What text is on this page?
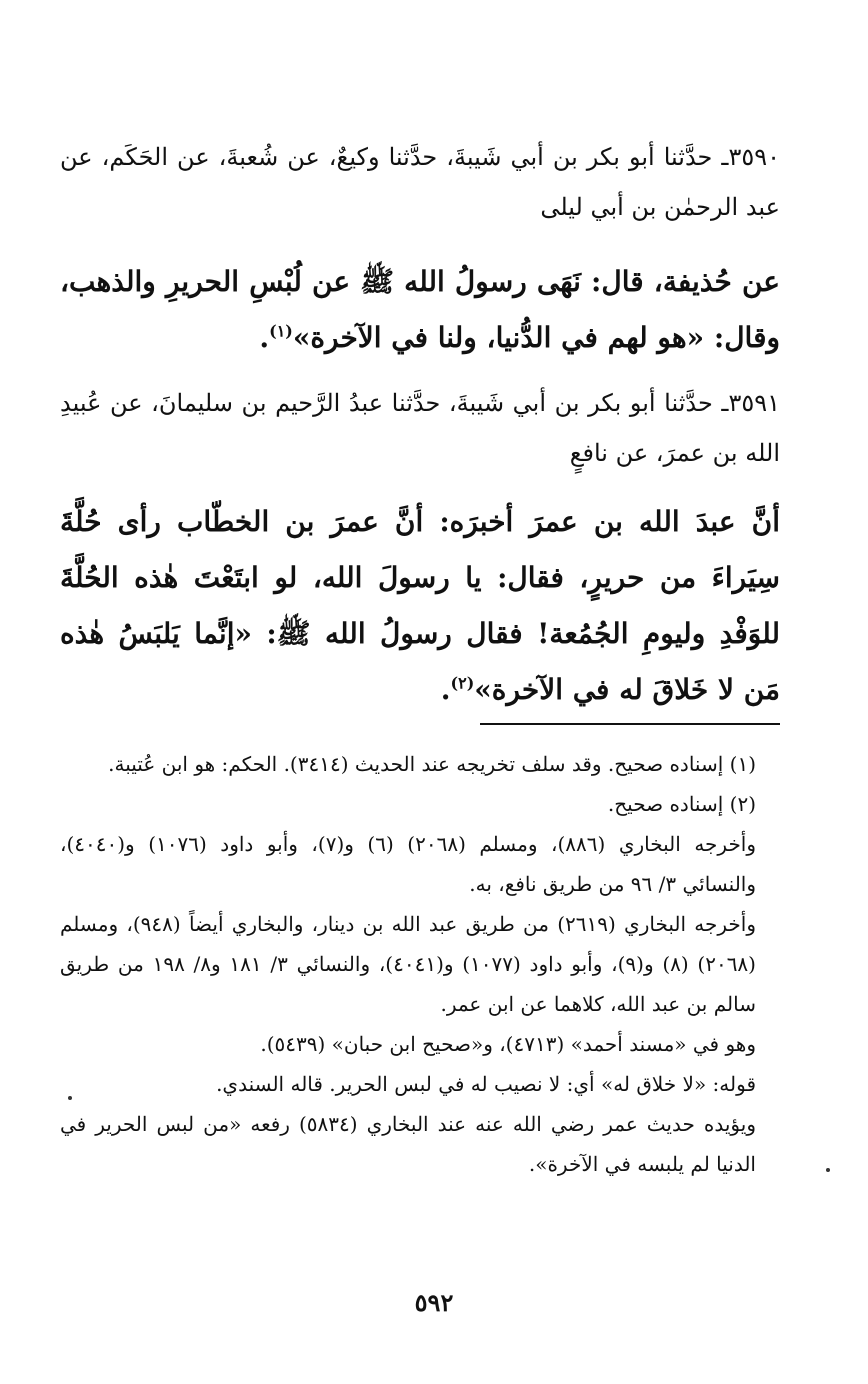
٣٥٩٠ـ حدَّثنا أبو بكر بن أبي شَيبةَ، حدَّثنا وكيعٌ، عن شُعبةَ، عن الحَكَم، عن عبد الرحمٰن بن أبي ليلى
عن حُذيفة، قال: نَهَى رسولُ الله ﷺ عن لُبْسِ الحريرِ والذهب، وقال: «هو لهم في الدُّنيا، ولنا في الآخرة»$^{(١)}$.
٣٥٩١ـ حدَّثنا أبو بكر بن أبي شَيبةَ، حدَّثنا عبدُ الرَّحيم بن سليمانَ، عن عُبيدِ الله بن عمرَ، عن نافعٍ
أنَّ عبدَ الله بن عمرَ أخبرَه: أنَّ عمرَ بن الخطّاب رأى حُلَّةَ سِيَراءَ من حريرٍ، فقال: يا رسولَ الله، لو ابتَعْتَ هٰذه الحُلَّةَ للوَفْدِ وليومِ الجُمُعة! فقال رسولُ الله ﷺ: «إنَّما يَلبَسُ هٰذه مَن لا خَلاقَ له في الآخرة»$^{(٢)}$.

(١) إسناده صحيح. وقد سلف تخريجه عند الحديث (٣٤١٤). الحكم: هو ابن عُتيبة.

(٢) إسناده صحيح.

وأخرجه البخاري (٨٨٦)، ومسلم (٢٠٦٨) (٦) و(٧)، وأبو داود (١٠٧٦) و(٤٠٤٠)، والنسائي ٣/ ٩٦ من طريق نافع، به.

وأخرجه البخاري (٢٦١٩) من طريق عبد الله بن دينار، والبخاري أيضاً (٩٤٨)، ومسلم (٢٠٦٨) (٨) و(٩)، وأبو داود (١٠٧٧) و(٤٠٤١)، والنسائي ٣/ ١٨١ و٨/ ١٩٨ من طريق سالم بن عبد الله، كلاهما عن ابن عمر.

وهو في «مسند أحمد» (٤٧١٣)، و«صحيح ابن حبان» (٥٤٣٩).

قوله: «لا خلاق له» أي: لا نصيب له في لبس الحرير. قاله السندي.

ويؤيده حديث عمر رضي الله عنه عند البخاري (٥٨٣٤) رفعه «من لبس الحرير في الدنيا لم يلبسه في الآخرة».

٥٩٢
